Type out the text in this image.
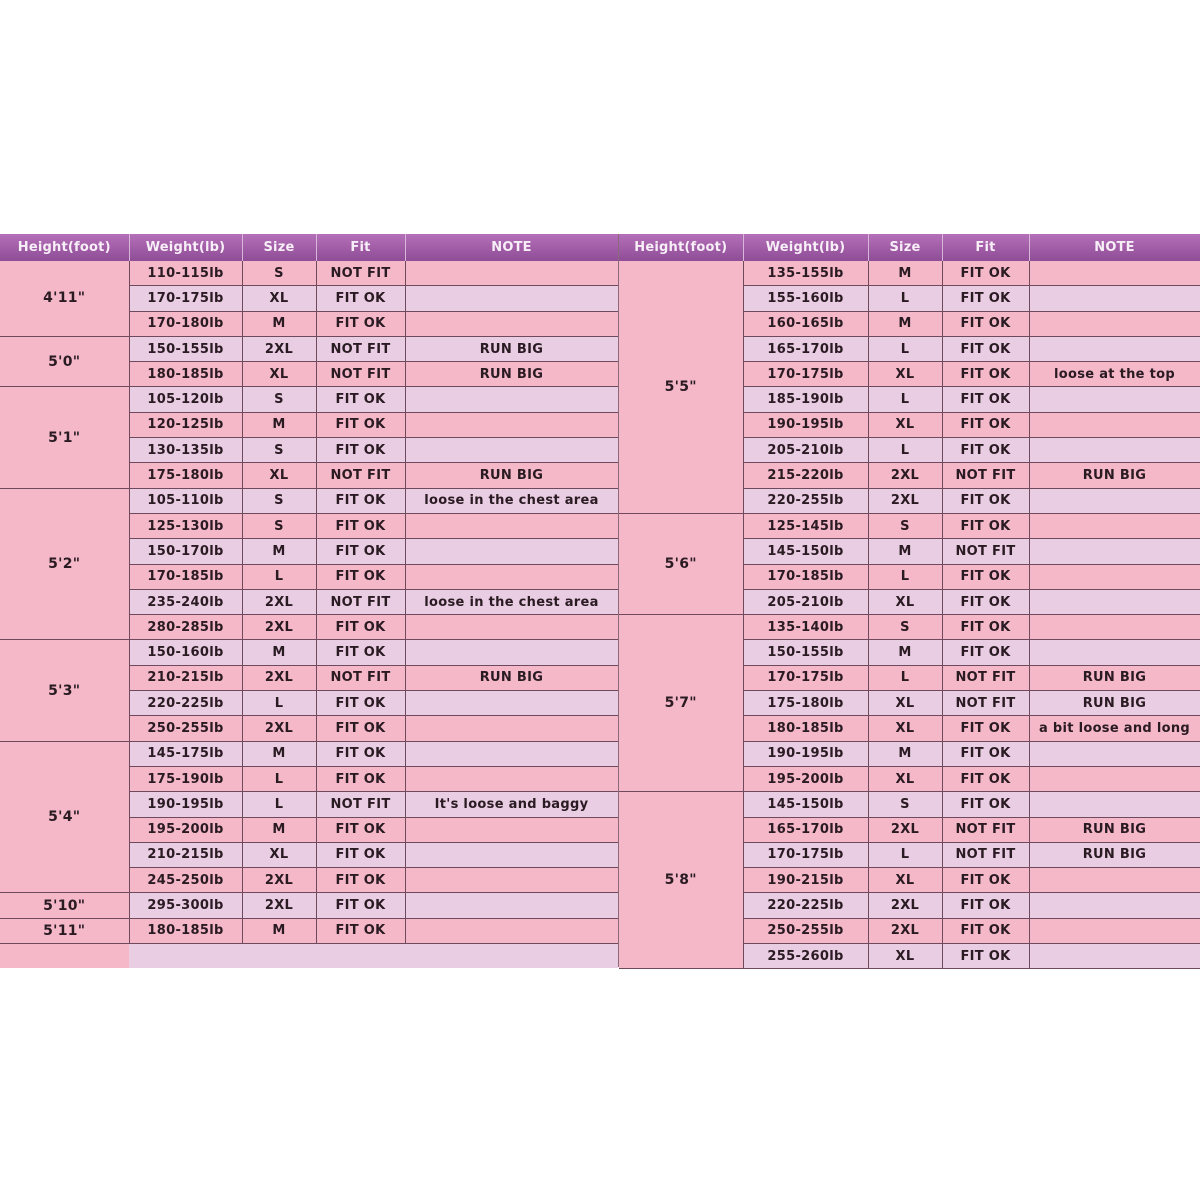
Height(foot)	Weight(lb)	Size	Fit	NOTE
4'11"	110-115lb	S	NOT FIT	
	170-175lb	XL	FIT OK	
	170-180lb	M	FIT OK	
5'0"	150-155lb	2XL	NOT FIT	RUN BIG
	180-185lb	XL	NOT FIT	RUN BIG
5'1"	105-120lb	S	FIT OK	
	120-125lb	M	FIT OK	
	130-135lb	S	FIT OK	
	175-180lb	XL	NOT FIT	RUN BIG
5'2"	105-110lb	S	FIT OK	loose in the chest area
	125-130lb	S	FIT OK	
	150-170lb	M	FIT OK	
	170-185lb	L	FIT OK	
	235-240lb	2XL	NOT FIT	loose in the chest area
	280-285lb	2XL	FIT OK	
5'3"	150-160lb	M	FIT OK	
	210-215lb	2XL	NOT FIT	RUN BIG
	220-225lb	L	FIT OK	
	250-255lb	2XL	FIT OK	
5'4"	145-175lb	M	FIT OK	
	175-190lb	L	FIT OK	
	190-195lb	L	NOT FIT	It's loose and baggy
	195-200lb	M	FIT OK	
	210-215lb	XL	FIT OK	
	245-250lb	2XL	FIT OK	
5'10"	295-300lb	2XL	FIT OK	
5'11"	180-185lb	M	FIT OK	

Height(foot)	Weight(lb)	Size	Fit	NOTE
5'5"	135-155lb	M	FIT OK	
	155-160lb	L	FIT OK	
	160-165lb	M	FIT OK	
	165-170lb	L	FIT OK	
	170-175lb	XL	FIT OK	loose at the top
	185-190lb	L	FIT OK	
	190-195lb	XL	FIT OK	
	205-210lb	L	FIT OK	
	215-220lb	2XL	NOT FIT	RUN BIG
	220-255lb	2XL	FIT OK	
5'6"	125-145lb	S	FIT OK	
	145-150lb	M	NOT FIT	
	170-185lb	L	FIT OK	
	205-210lb	XL	FIT OK	
5'7"	135-140lb	S	FIT OK	
	150-155lb	M	FIT OK	
	170-175lb	L	NOT FIT	RUN BIG
	175-180lb	XL	NOT FIT	RUN BIG
	180-185lb	XL	FIT OK	a bit loose and long
	190-195lb	M	FIT OK	
	195-200lb	XL	FIT OK	
5'8"	145-150lb	S	FIT OK	
	165-170lb	2XL	NOT FIT	RUN BIG
	170-175lb	L	NOT FIT	RUN BIG
	190-215lb	XL	FIT OK	
	220-225lb	2XL	FIT OK	
	250-255lb	2XL	FIT OK	
	255-260lb	XL	FIT OK	
